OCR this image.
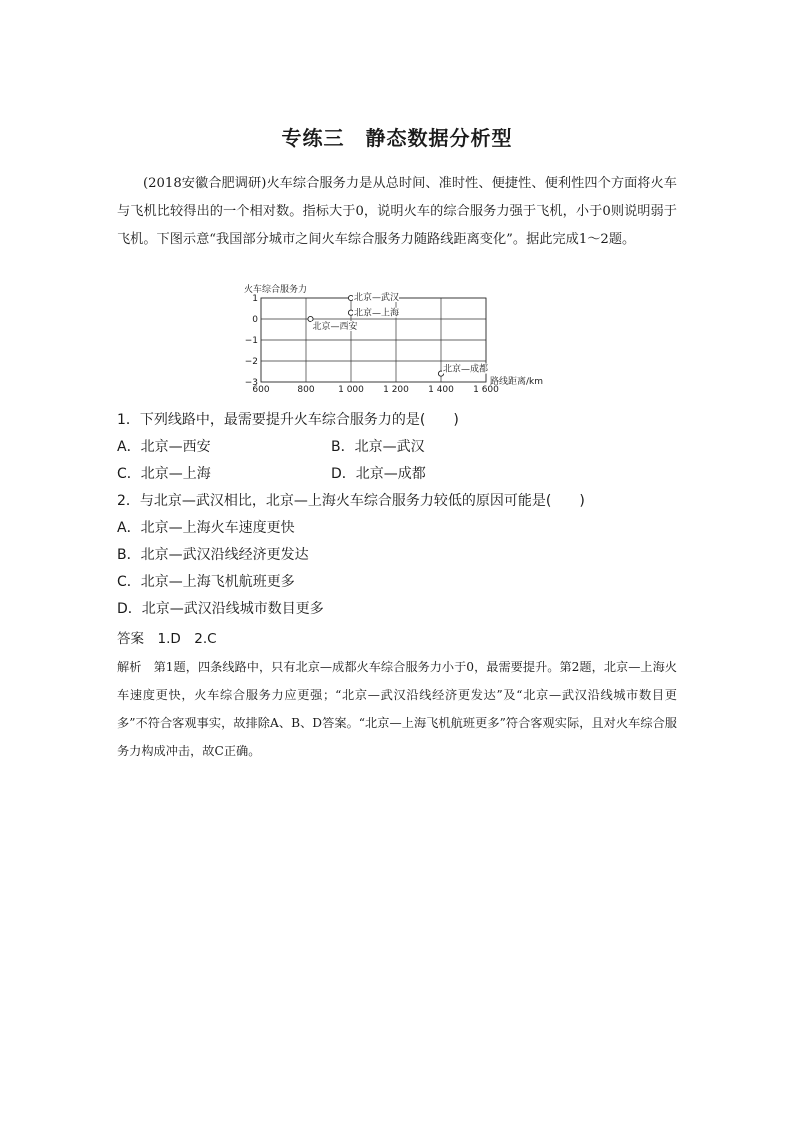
专练三　静态数据分析型
(2018安徽合肥调研)火车综合服务力是从总时间、准时性、便捷性、便利性四个方面将火车与飞机比较得出的一个相对数。指标大于0，说明火车的综合服务力强于飞机，小于0则说明弱于飞机。下图示意“我国部分城市之间火车综合服务力随路线距离变化”。据此完成1～2题。
600	800	1 000 1 200 1 400 1 600
1
0
−1
−2
−3
火车综合服务力
路线距离/km
北京—西安
北京—武汉
北京—上海
北京—成都
1．下列线路中，最需要提升火车综合服务力的是(　　)
A．北京—西安	B．北京—武汉
C．北京—上海	D．北京—成都
2．与北京—武汉相比，北京—上海火车综合服务力较低的原因可能是(　　)
A．北京—上海火车速度更快
B．北京—武汉沿线经济更发达
C．北京—上海飞机航班更多
D．北京—武汉沿线城市数目更多
答案　1.D　2.C
解析　第1题，四条线路中，只有北京—成都火车综合服务力小于0，最需要提升。第2题，北京—上海火车速度更快，火车综合服务力应更强；“北京—武汉沿线经济更发达”及“北京—武汉沿线城市数目更多”不符合客观事实，故排除A、B、D答案。“北京—上海飞机航班更多”符合客观实际，且对火车综合服务力构成冲击，故C正确。
